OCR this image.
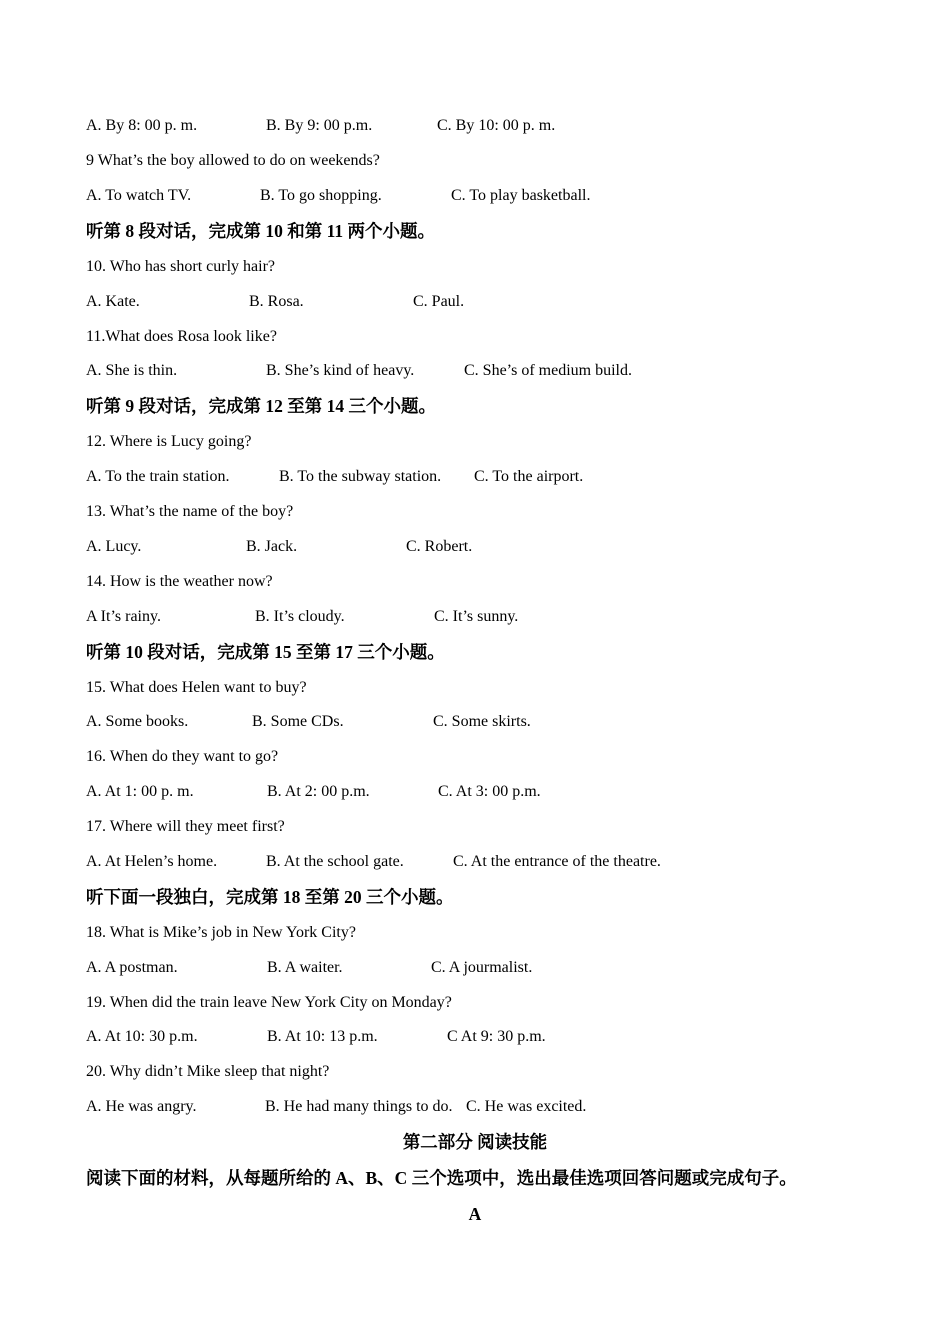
A. By 8: 00 p. m.	B. By 9: 00 p.m.	C. By 10: 00 p. m.
9 What’s the boy allowed to do on weekends?
A. To watch TV.	B. To go shopping.	C. To play basketball.
听第 8 段对话，完成第 10 和第 11 两个小题。
10. Who has short curly hair?
A. Kate.	B. Rosa.	C. Paul.
11.What does Rosa look like?
A. She is thin.	B. She’s kind of heavy.	C. She’s of medium build.
听第 9 段对话，完成第 12 至第 14 三个小题。
12. Where is Lucy going?
A. To the train station.	B. To the subway station. C. To the airport.
13. What’s the name of the boy?
A. Lucy.	B. Jack.	C. Robert.
14. How is the weather now?
A It’s rainy.	B. It’s cloudy.	C. It’s sunny.
听第 10 段对话，完成第 15 至第 17 三个小题。
15. What does Helen want to buy?
A. Some books.	B. Some CDs.	C. Some skirts.
16. When do they want to go?
A. At 1: 00 p. m.	B. At 2: 00 p.m.	C. At 3: 00 p.m.
17. Where will they meet first?
A. At Helen’s home.	B. At the school gate.	C. At the entrance of the theatre.
听下面一段独白，完成第 18 至第 20 三个小题。
18. What is Mike’s job in New York City?
A. A postman.	B. A waiter.	C. A jourmalist.
19. When did the train leave New York City on Monday?
A. At 10: 30 p.m.	B. At 10: 13 p.m.	C At 9: 30 p.m.
20. Why didn’t Mike sleep that night?
A. He was angry.	B. He had many things to do. C. He was excited.
第二部分 阅读技能
阅读下面的材料，从每题所给的 A、B、C 三个选项中，选出最佳选项回答问题或完成句子。
A
